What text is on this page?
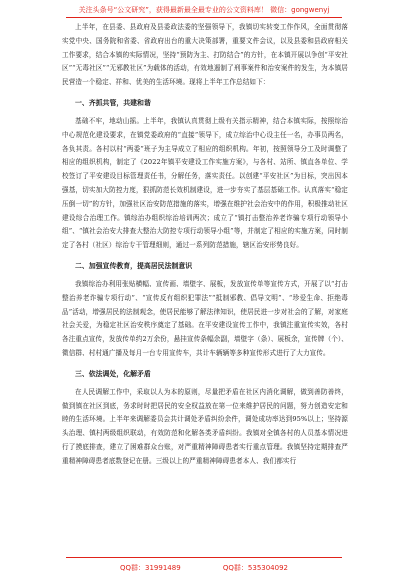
关注头条号“公文研究”，获得最新最全最专业的公文资料库！ 微信：gongwenyj

上半年，在县委、县政府及县委政法委的坚强领导下，我镇切实转变工作作风，全面贯彻落实党中央、国务院和省委、省政府出台的重大决策部署，重要文件会议，以及县委和县政府相关工作要求，结合本镇的实际情况，坚持“预防为主、打防结合”的方针，在本镇开展以争创“平安社区”“无毒社区”“无邪教社区”为载体的活动，有效地遏制了刑事案件和治安案件的发生，为本镇居民营造一个稳定、祥和、优美的生活环境。现将上半年工作总结如下：

一、齐抓共管，共建和谐

基础不牢，地动山摇。上半年，我镇认真贯彻上级有关指示精神，结合本镇实际，按照综治中心规范化建设要求，在镇党委政府的“直接”领导下，成立综治中心设主任一名，办事员两名，各负其责。各村以村“两委”班子为主导成立了相应的组织机构。年初，按照领导分工及时调整了相应的组织机构，制定了《2022年镇平安建设工作实施方案》，与各村、站所、镇直各单位、学校签订了平安建设目标管理责任书，分解任务，落实责任。以创建“平安社区”为目标，突出因本强基，切实加大防控力度，狠抓防范长效机制建设，进一步夯实了基层基础工作。认真落实“稳定压倒一切”的方针，加强社区治安防范措施的落实，增强在维护社会治安中的作用，积极推动社区建设综合治理工作。镇综治办组织综治培训两次；成立了“镇打击整治养老诈骗专项行动领导小组”、“镇社会治安大排查大整治大防控专项行动领导小组”等，并制定了相应的实施方案，同时制定了各村（社区）综治专干管理细则，通过一系列防范措施，辖区治安形势良好。

二、加强宣传教育，提高居民法制意识

我镇综治办利用张贴横幅、宣传画、墙壁字、展板，发放宣传单等宣传方式，开展了以“打击整治养老诈骗专项行动”、“宣传反有组织犯罪法”“抵制邪教、倡导文明”、“珍爱生命、拒绝毒品”活动，增强居民的法制观念，使居民能够了解法律知识，使居民进一步对社会的了解，对家庭社会关爱，为稳定社区治安秩序奠定了基础。在平安建设宣传工作中，我镇注重宣传实效，各村各注重点宣传，发放传单约2万余份，悬挂宣传条幅余副，墙壁字（条）、展板余，宣传牌（个）、微信群、村村通广播及每月一台专用宣传车，共计车辆辆等多种宣传形式进行了大力宣传。

三、依法调处，化解矛盾

在人民调解工作中，采取以人为本的原则，尽量把矛盾在社区内消化调解，做到善防善终，做到镇在社区到底，务求时时把居民的安全权益放在第一位来维护居民的问题，努力创造安定和睦的生活环境。上半年来调解委员会共计调处矛盾纠纷余件，调处成功率达到95%以上；坚持源头治理、镇村两级组织联动，有效防范和化解各类矛盾纠纷。我镇对全镇各村的人员基本情况进行了摸底排查，建立了困难群众台账，对严重精神障碍患者实行重点管理。我镇坚持定期排查严重精神障碍患者底数登记在册。三级以上的严重精神障碍患者本人、我们都实行

QQ群：31991489	QQ群：535304092
